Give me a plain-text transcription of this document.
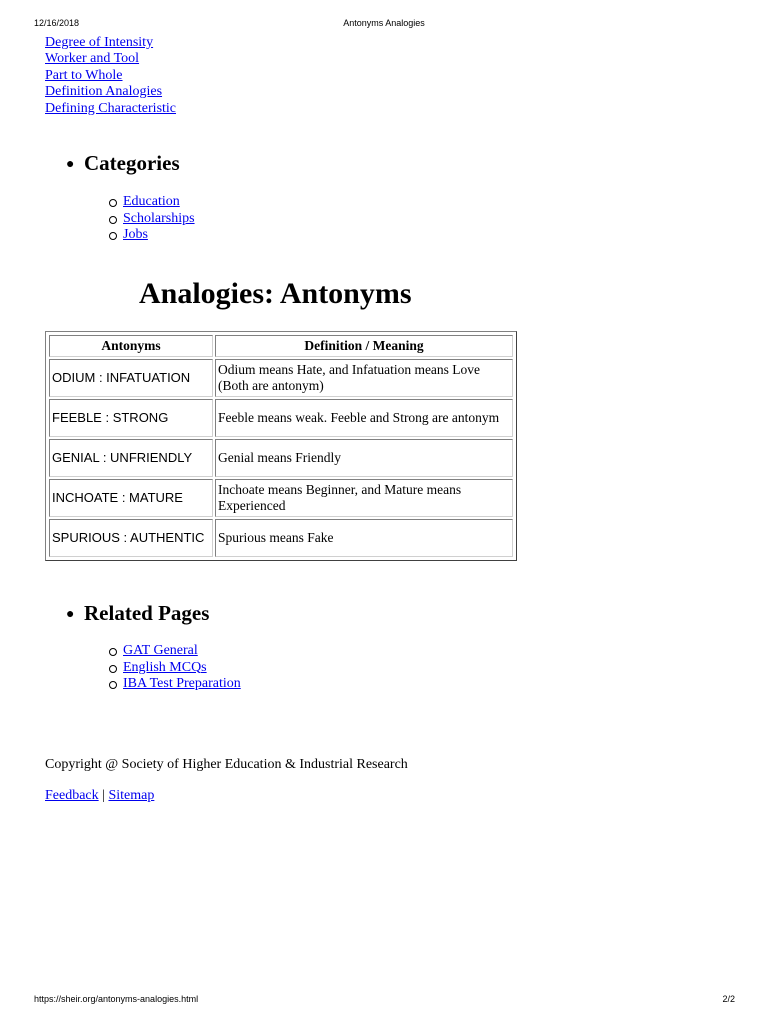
12/16/2018	Antonyms Analogies
Degree of Intensity
Worker and Tool
Part to Whole
Definition Analogies
Defining Characteristic
● Categories
Education
Scholarships
Jobs
Analogies: Antonyms
Antonyms	Definition / Meaning
ODIUM : INFATUATION	Odium means Hate, and Infatuation means Love (Both are antonym)
FEEBLE : STRONG	Feeble means weak. Feeble and Strong are antonym
GENIAL : UNFRIENDLY	Genial means Friendly
INCHOATE : MATURE	Inchoate means Beginner, and Mature means Experienced
SPURIOUS : AUTHENTIC	Spurious means Fake
● Related Pages
GAT General
English MCQs
IBA Test Preparation
Copyright @ Society of Higher Education & Industrial Research
Feedback | Sitemap
https://sheir.org/antonyms-analogies.html	2/2
